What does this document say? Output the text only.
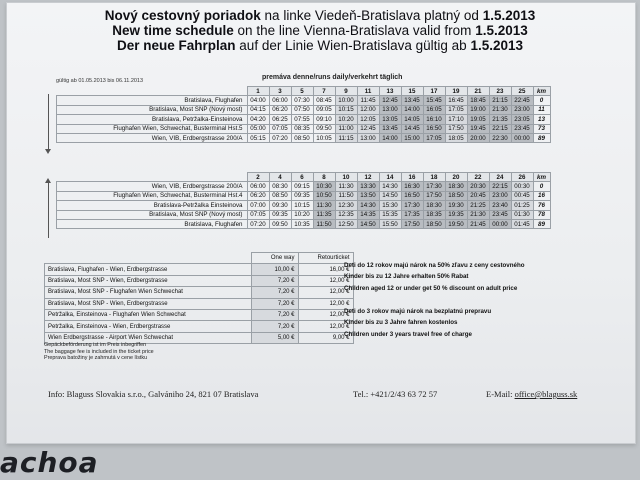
Nový cestovný poriadok na linke Viedeň-Bratislava platný od 1.5.2013
New time schedule on the line Vienna-Bratislava valid from 1.5.2013
Der neue Fahrplan auf der Linie Wien-Bratislava gültig ab 1.5.2013
gültig ab 01.05.2013 bis 06.11.2013	premáva denne/runs daily/verkehrt täglich
	1	3	5	7	9	11	13	15	17	19	21	23	25	km
Bratislava, Flughafen	04:00	06:00	07:30	08:45	10:00	11:45	12:45	13:45	15:45	16:45	18:45	21:15	22:45	0
Bratislava, Most SNP (Nový most)	04:15	06:20	07:50	09:05	10:15	12:00	13:00	14:00	16:05	17:05	19:00	21:30	23:00	11
Bratislava, Petržalka-Einsteinova	04:20	06:25	07:55	09:10	10:20	12:05	13:05	14:05	16:10	17:10	19:05	21:35	23:05	13
Flughafen Wien, Schwechat, Busterminal Hst.5	05:00	07:05	08:35	09:50	11:00	12:45	13:45	14:45	16:50	17:50	19:45	22:15	23:45	73
Wien, VIB, Erdbergstrasse 200/A	05:15	07:20	08:50	10:05	11:15	13:00	14:00	15:00	17:05	18:05	20:00	22:30	00:00	89
	2	4	6	8	10	12	14	16	18	20	22	24	26	km
Wien, VIB, Erdbergstrasse 200/A	06:00	08:30	09:15	10:30	11:30	13:30	14:30	16:30	17:30	18:30	20:30	22:15	00:30	0
Flughafen Wien, Schwechat, Busterminal Hst.4	06:20	08:50	09:35	10:50	11:50	13:50	14:50	16:50	17:50	18:50	20:45	23:00	00:45	16
Bratislava-Petržalka Einsteinova	07:00	09:30	10:15	11:30	12:30	14:30	15:30	17:30	18:30	19:30	21:25	23:40	01:25	76
Bratislava, Most SNP (Nový most)	07:05	09:35	10:20	11:35	12:35	14:35	15:35	17:35	18:35	19:35	21:30	23:45	01:30	78
Bratislava, Flughafen	07:20	09:50	10:35	11:50	12:50	14:50	15:50	17:50	18:50	19:50	21:45	00:00	01:45	89
	One way	Retourticket
Bratislava, Flughafen - Wien, Erdbergstrasse	10,00 €	16,00 €
Bratislava, Most SNP - Wien, Erdbergstrasse	7,20 €	12,00 €
Bratislava, Most SNP - Flughafen Wien Schwechat	7,20 €	12,00 €
Bratislava, Most SNP - Wien, Erdbergstrasse	7,20 €	12,00 €
Petržalka, Einsteinova - Flughafen Wien Schwechat	7,20 €	12,00 €
Petržalka, Einsteinova - Wien, Erdbergstrasse	7,20 €	12,00 €
Wien Erdbergstrasse - Airport Wien Schwechat	5,00 €	9,00 €
Deti do 12 rokov majú nárok na 50% zľavu z ceny cestovného
Kinder bis zu 12 Jahre erhalten 50% Rabat
Children aged 12 or under get 50 % discount on adult price
Deti do 3 rokov majú nárok na bezplatnú prepravu
Kinder bis zu 3 Jahre fahren kostenlos
Children under 3 years travel free of charge
Gepäckbeförderung ist im Preis inbegriffen
The baggage fee is included in the ticket price
Preprava batožiny je zahrnutá v cene lístku
Info: Blaguss Slovakia s.r.o., Galvániho 24, 821 07 Bratislava	Tel.: +421/2/43 63 72 57	E-Mail: office@blaguss.sk
achoa
